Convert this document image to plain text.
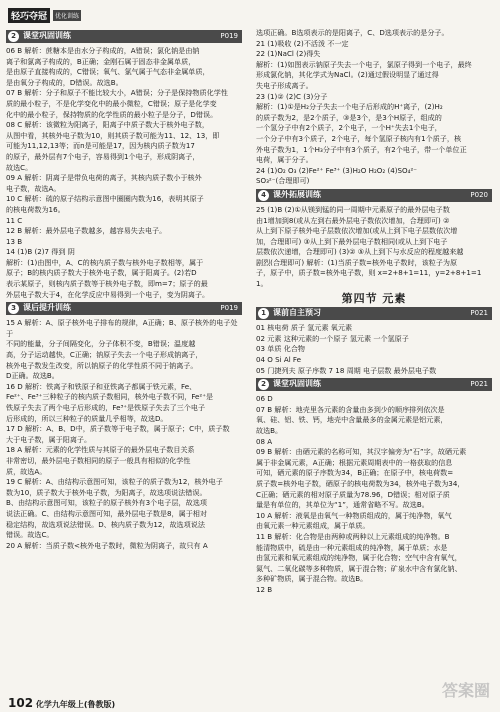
轻巧夺冠	优化训练
2 课堂巩固训练	P019
06 B 解析：蔗糖本是由水分子构成的，A错误；氯化钠是由钠
离子和氯离子构成的，B正确；金刚石属于固态非金属单质，
是由原子直接构成的，C错误；氧气、氯气属于气态非金属单质，
是由氧分子构成的，D错误。故选B。
07 B 解析：分子和原子不能比较大小，A错误；分子是保持物质化学性
质的最小粒子，不是化学变化中的最小微粒，C错误；原子是化学变
化中的最小粒子，保持物质的化学性质的最小粒子是分子，D错误。
08 C 解析：该微粒为阳离子，阳离子中质子数大于核外电子数，
从图中看，其核外电子数为10，则其质子数可能为11、12、13，即
可能为11,12,13等；而n是可能是17，因为核内质子数为17
的原子，最外层有7个电子，容易得到1个电子，形成阴离子，
故选C。
09 A 解析：阴离子是带负电荷的离子，其核内质子数小于核外
电子数，故选A。
10 C 解析：硫的原子结构示意图中圈圈内数为16，表明其原子
的核电荷数为16。
11 C
12 B 解析：最外层电子数越多，越容易失去电子。
13 B
14 (1)B (2)7 得到 阴
解析：(1)由图中，A、C的核内质子数与核外电子数相等，属于
原子；B的核内质子数大于核外电子数，属于阳离子。(2)若D
表示某原子，则核内质子数等于核外电子数，即m=7；原子的最
外层电子数大于4，在化学反应中易得到一个电子，变为阴离子。
3 课后提升训练	P019
15 A 解析：A、原子核外电子排布的规律，A正确；B、原子核外的电子处于
不同的能量，分子间隔变化，分子体积不变，B错误；温度越
高，分子运动越快，C正确；钠原子失去一个电子形成钠离子，
核外电子数发生改变，所以钠原子的化学性质不同于钠离子。
D正确。故选B。
16 D 解析：铁离子和铁原子和亚铁离子都属于铁元素，Fe、
Fe²⁺、Fe³⁺三种粒子的核内质子数相同，核外电子数不同，Fe²⁺是
铁原子失去了两个电子后形成的，Fe³⁺是铁原子失去了三个电子
后形成的，所以三种粒子的质量几乎相等，故选D。
17 D 解析：A、B、D中，质子数等于电子数，属于原子；C中，质子数
大于电子数，属于阳离子。
18 A 解析：元素的化学性质与其原子的最外层电子数目关系
非常密切，最外层电子数相同的原子一般具有相似的化学性
质，故选A。
19 C 解析：A、由结构示意图可知，该粒子的质子数为12，核外电子
数为10，质子数大于核外电子数，为阳离子，故选项说法错误。
B、由结构示意图可知，该粒子的原子核外有3个电子层，故选项
说法正确。C、由结构示意图可知，最外层电子数是8，属于相对
稳定结构，故选项说法错误。D、核内质子数为12，故选项说法
错误。故选C。
20 A 解析：当质子数<核外电子数时，微粒为阴离子，故只有 A
选项正确。B选项表示的是阳离子，C、D选项表示的是分子。
21 (1)吸收 (2)不活泼 不一定
22 (1)NaCl (2)得失
解析：(1)如图表示钠原子失去一个电子，氯原子得到一个电子，最终
形成氯化钠，其化学式为NaCl。(2)通过假设明显了通过得
失电子形成离子。
23 (1)② (2)C (3)分子
解析：(1)①是H₂分子失去一个电子后形成的H⁺离子，(2)H₂
的质子数为2，是2个质子，③是3个，是3个H原子，组成的
一个氢分子中有2个质子，2个电子，一个H⁺失去1个电子，
一个分子中有3个质子，2个电子，每个氢原子核内有1个质子，核
外电子数为1，1个H₃分子中有3个质子，有2个电子，带一个单位正
电荷，属于分子。
24 (1)O₂ O₃ (2)Fe²⁺ Fe³⁺ (3)H₂O H₂O₂ (4)SO₄²⁻
SO₃²⁻(合理即可)
4 课外拓展训练	P020
25 (1)B (2)①从镁到锰的同一周期中元素原子的最外层电子数
由1增加到8(或从左到右最外层电子数依次增加，合理即可) ②
从上到下原子核外电子层数依次增加(或从上到下电子层数依次增
加，合理即可) ③从上到下最外层电子数相同(或从上到下电子
层数依次递增，合理即可) (3)② ⑤从上到下与水反应的程度越来越
剧烈(合理即可) 解析：(1)当质子数=核外电子数时，该粒子为原
子，原子中，质子数=核外电子数，则 x=2+8+1=11，y=2+8+1=11。
第四节 元素
1 课前自主预习	P021
01 核电荷 质子 氢元素 氧元素
02 元素 这种元素的一个原子 氢元素 一个氢原子
03 单质 化合物
04 O Si Al Fe
05 门捷列夫 原子序数 7 18 周期 电子层数 最外层电子数
2 课堂巩固训练	P021
06 D
07 B 解析：地壳里各元素的含量由多到少的顺序排列依次是
氧、硅、铝、铁、钙，地壳中含量最多的金属元素是铝元素，
故选B。
08 A
09 B 解析：由硒元素的名称可知，其汉字偏旁为“石”字，故硒元素
属于非金属元素，A正确；根据元素周期表中的一格获取的信息
可知，硒元素的原子序数为34，B正确；在原子中，核电荷数=
质子数=核外电子数，硒原子的核电荷数为34，核外电子数为34，
C正确；硒元素的相对原子质量为78.96，D错误；相对原子质
量是有单位的，其单位为“1”，通常省略不写。故选B。
10 A 解析：液氧是由氧气一种物质组成的，属于纯净物，氧气
由氧元素一种元素组成，属于单质。
11 B 解析：化合物是由两种或两种以上元素组成的纯净物。B
能清物质中，硫是由一种元素组成的纯净物，属于单质；水是
由氢元素和氧元素组成的纯净物，属于化合物；空气中含有氧气，
氮气、二氧化碳等多种物质，属于混合物；矿泉水中含有氯化钠、
多种矿物质，属于混合物。故选B。
12 B
102 化学九年级上(鲁教版)
答案圈
